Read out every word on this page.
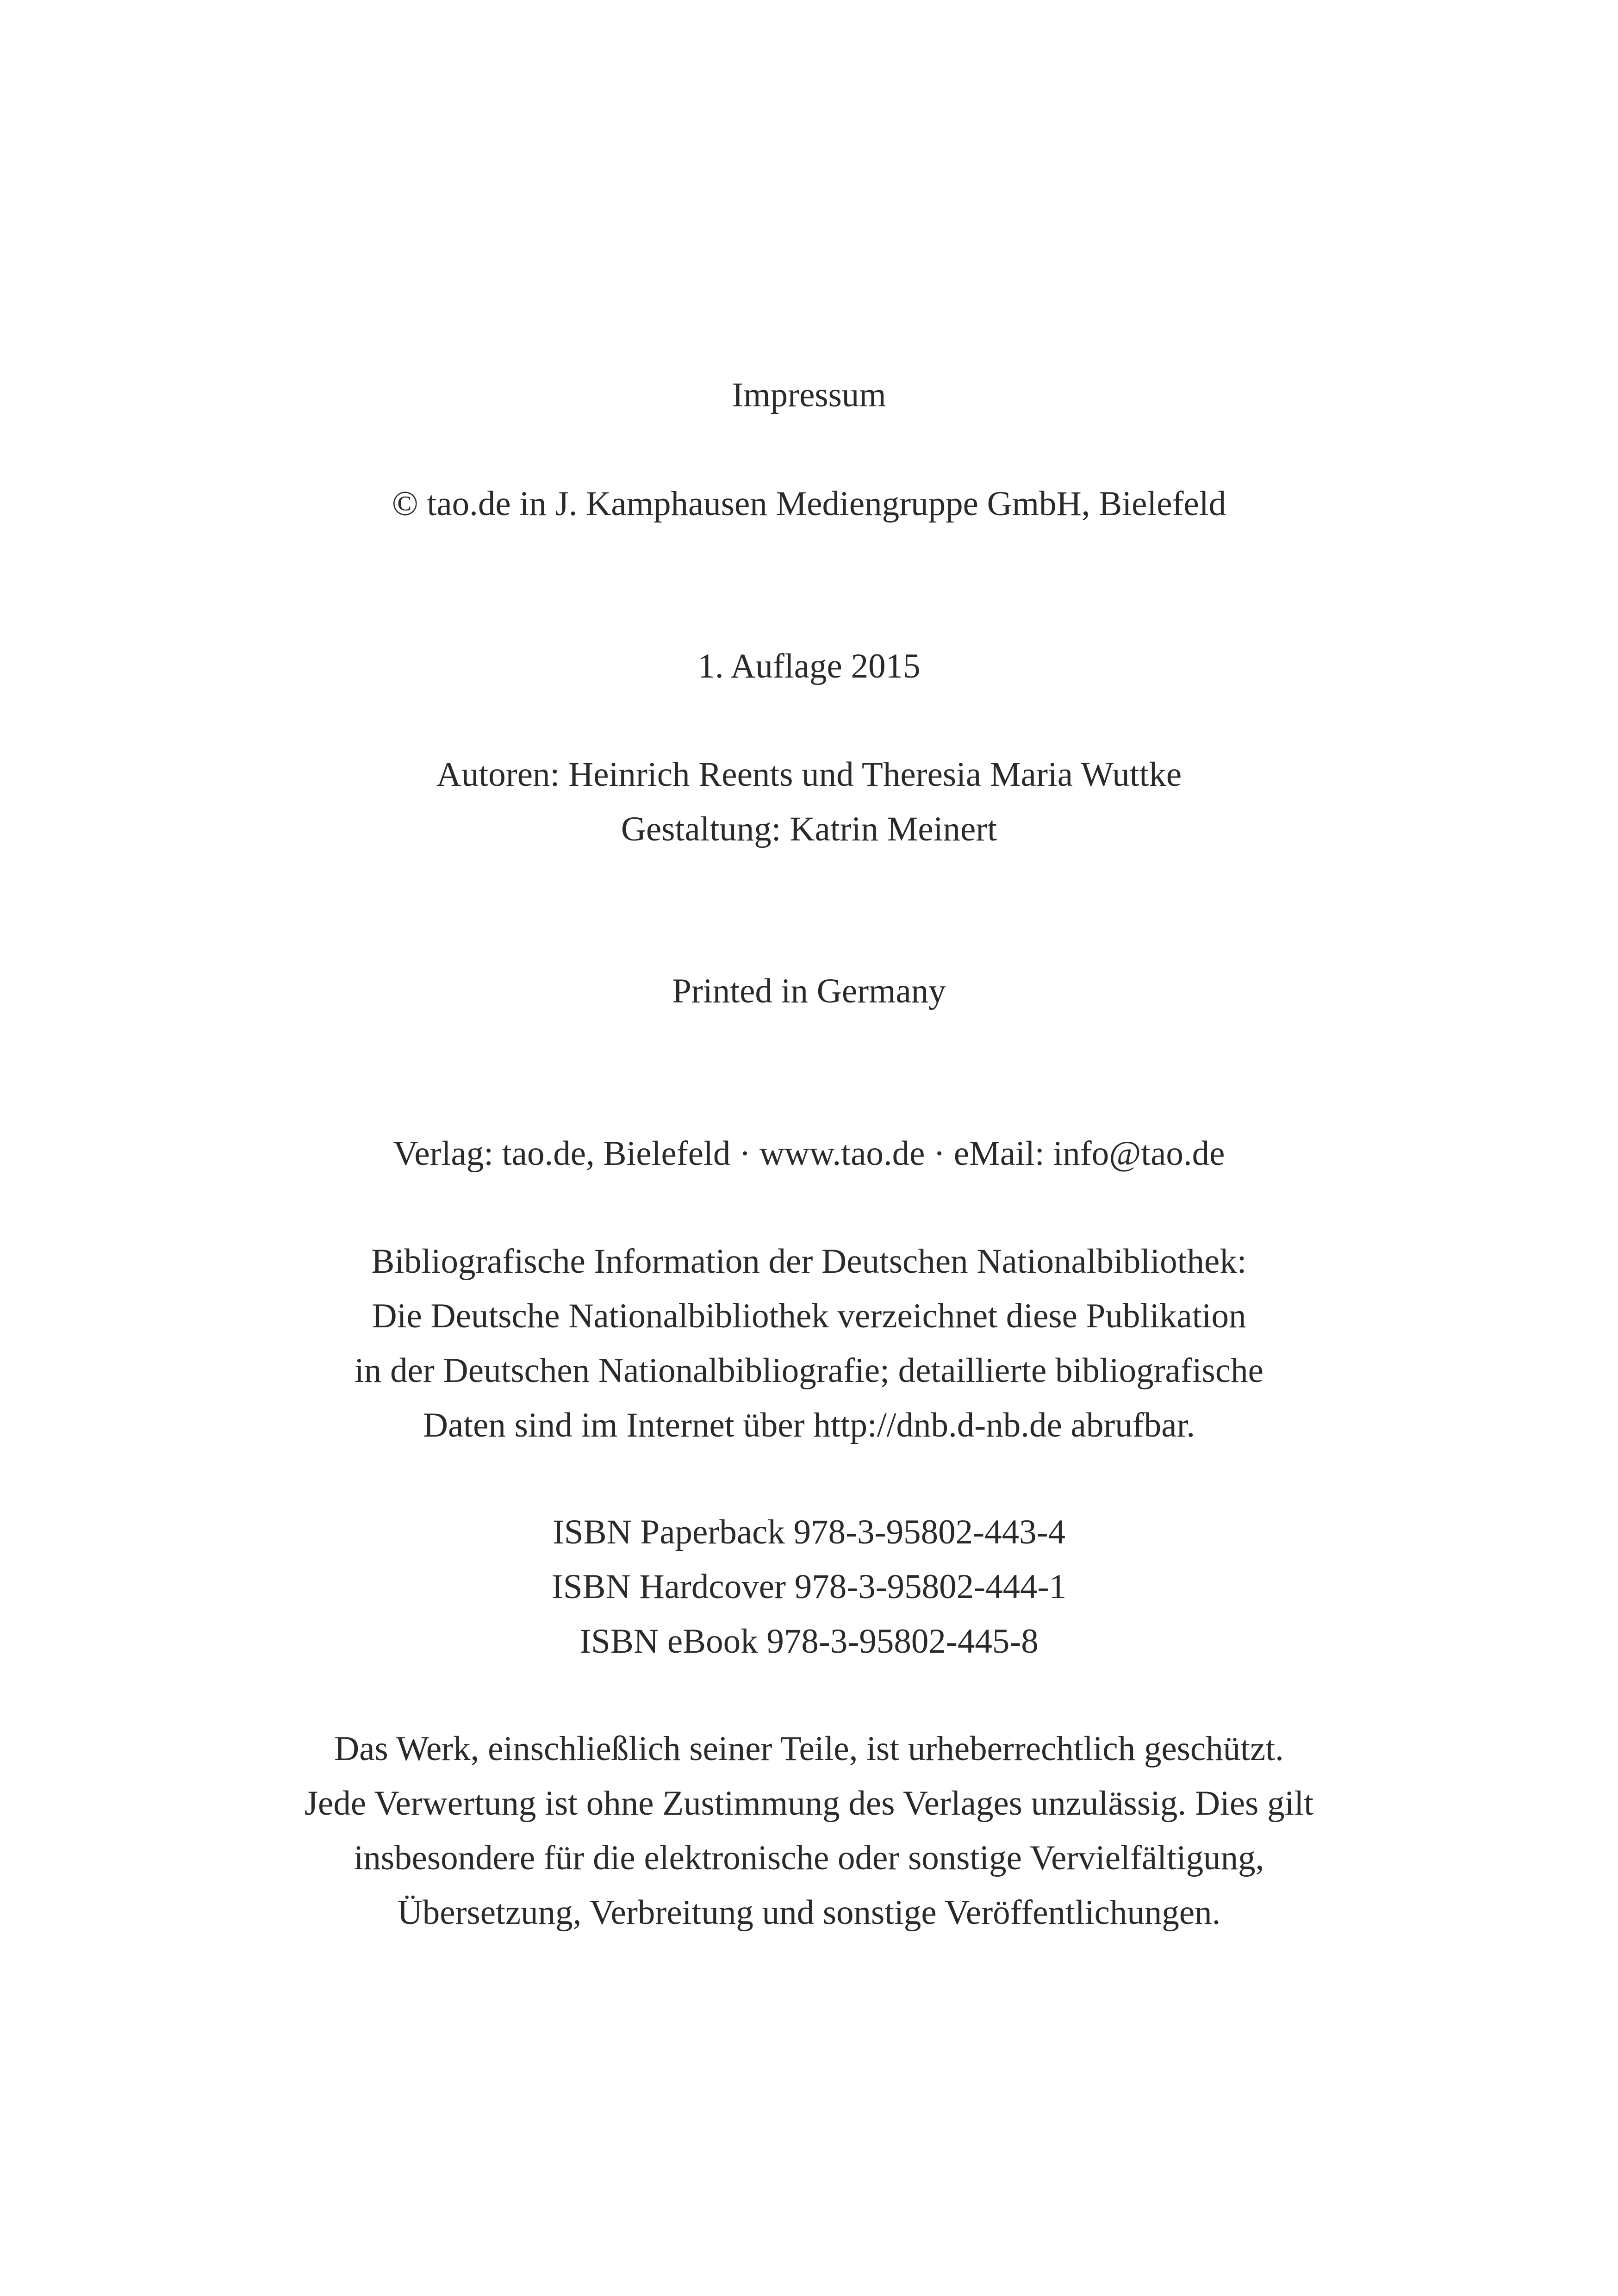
Impressum
© tao.de in J. Kamphausen Mediengruppe GmbH, Bielefeld
1. Auflage 2015
Autoren: Heinrich Reents und Theresia Maria Wuttke
Gestaltung: Katrin Meinert
Printed in Germany
Verlag: tao.de, Bielefeld · www.tao.de · eMail: info@tao.de
Bibliografische Information der Deutschen Nationalbibliothek:
Die Deutsche Nationalbibliothek verzeichnet diese Publikation
in der Deutschen Nationalbibliografie; detaillierte bibliografische
Daten sind im Internet über http://dnb.d-nb.de abrufbar.
ISBN Paperback 978-3-95802-443-4
ISBN Hardcover 978-3-95802-444-1
ISBN eBook 978-3-95802-445-8
Das Werk, einschließlich seiner Teile, ist urheberrechtlich geschützt.
Jede Verwertung ist ohne Zustimmung des Verlages unzulässig. Dies gilt
insbesondere für die elektronische oder sonstige Vervielfältigung,
Übersetzung, Verbreitung und sonstige Veröffentlichungen.
